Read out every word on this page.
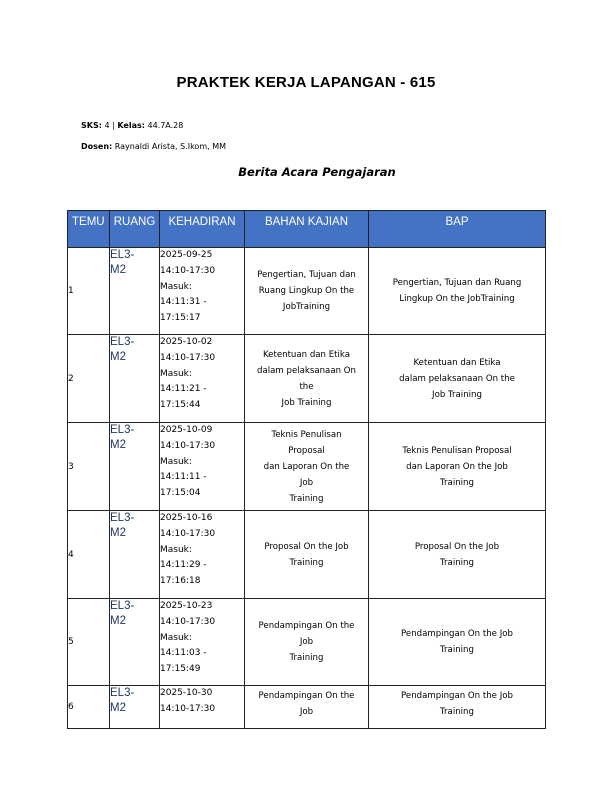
PRAKTEK KERJA LAPANGAN - 615
SKS: 4 | Kelas: 44.7A.28
Dosen: Raynaldi Arista, S.Ikom, MM
Berita Acara Pengajaran
TEMU	RUANG	KEHADIRAN	BAHAN KAJIAN	BAP
1	EL3-
M2	2025-09-25
14:10-17:30
Masuk:
14:11:31 -
17:15:17	Pengertian, Tujuan dan
Ruang Lingkup On the
JobTraining	Pengertian, Tujuan dan Ruang
Lingkup On the JobTraining

2	EL3-
M2	2025-10-02
14:10-17:30
Masuk:
14:11:21 -
17:15:44	Ketentuan dan Etika
dalam pelaksanaan On
the
Job Training	Ketentuan dan Etika
dalam pelaksanaan On the
Job Training

3	EL3-
M2	2025-10-09
14:10-17:30
Masuk:
14:11:11 -
17:15:04	Teknis Penulisan
Proposal
dan Laporan On the
Job
Training	Teknis Penulisan Proposal
dan Laporan On the Job
Training

4	EL3-
M2	2025-10-16
14:10-17:30
Masuk:
14:11:29 -
17:16:18	Proposal On the Job
Training	Proposal On the Job
Training

5	EL3-
M2	2025-10-23
14:10-17:30
Masuk:
14:11:03 -
17:15:49	Pendampingan On the
Job
Training	Pendampingan On the Job
Training

6	EL3-
M2	2025-10-30
14:10-17:30	Pendampingan On the
Job	Pendampingan On the Job
Training
